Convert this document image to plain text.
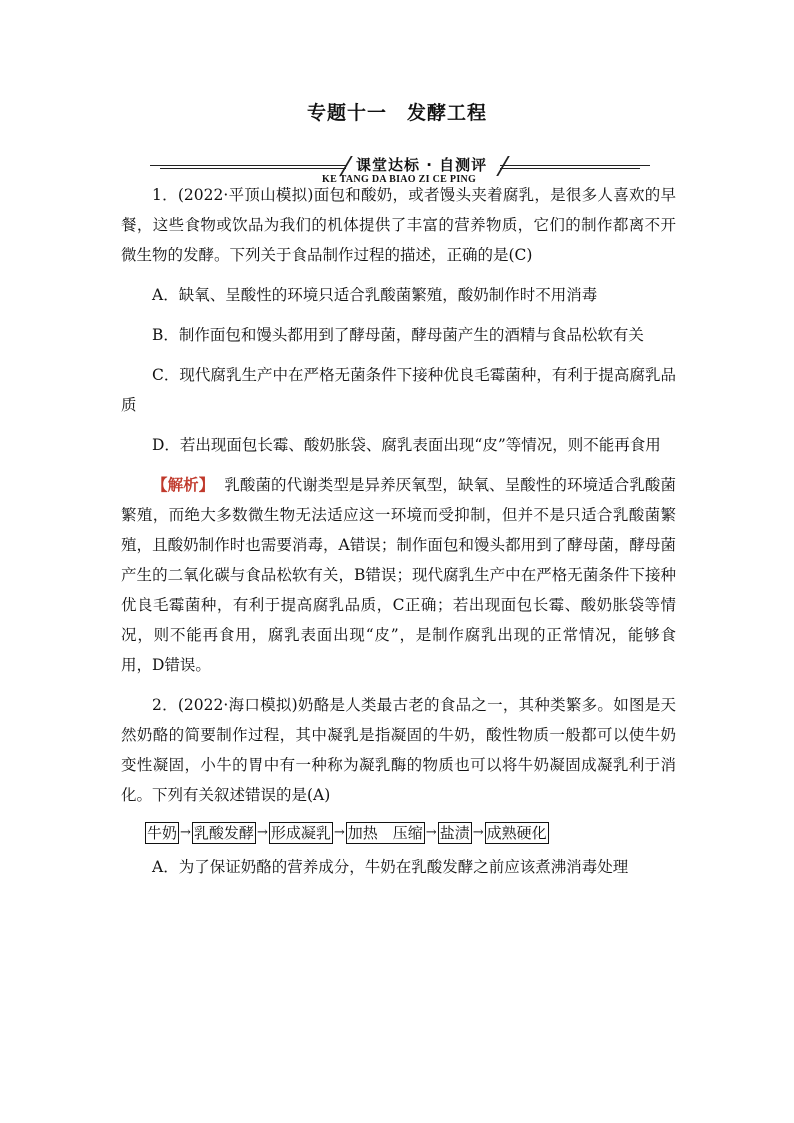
专题十一　发酵工程
课堂达标 · 自测评
KE TANG DA BIAO ZI CE PING

1．(2022·平顶山模拟)面包和酸奶，或者馒头夹着腐乳，是很多人喜欢的早餐，这些食物或饮品为我们的机体提供了丰富的营养物质，它们的制作都离不开微生物的发酵。下列关于食品制作过程的描述，正确的是(C)

A．缺氧、呈酸性的环境只适合乳酸菌繁殖，酸奶制作时不用消毒

B．制作面包和馒头都用到了酵母菌，酵母菌产生的酒精与食品松软有关

C．现代腐乳生产中在严格无菌条件下接种优良毛霉菌种，有利于提高腐乳品质

D．若出现面包长霉、酸奶胀袋、腐乳表面出现“皮”等情况，则不能再食用

【解析】 乳酸菌的代谢类型是异养厌氧型，缺氧、呈酸性的环境适合乳酸菌繁殖，而绝大多数微生物无法适应这一环境而受抑制，但并不是只适合乳酸菌繁殖，且酸奶制作时也需要消毒，A错误；制作面包和馒头都用到了酵母菌，酵母菌产生的二氧化碳与食品松软有关，B错误；现代腐乳生产中在严格无菌条件下接种优良毛霉菌种，有利于提高腐乳品质，C正确；若出现面包长霉、酸奶胀袋等情况，则不能再食用，腐乳表面出现“皮”，是制作腐乳出现的正常情况，能够食用，D错误。

2．(2022·海口模拟)奶酪是人类最古老的食品之一，其种类繁多。如图是天然奶酪的简要制作过程，其中凝乳是指凝固的牛奶，酸性物质一般都可以使牛奶变性凝固，小牛的胃中有一种称为凝乳酶的物质也可以将牛奶凝固成凝乳利于消化。下列有关叙述错误的是(A)

牛奶 → 乳酸发酵 → 形成凝乳 → 加热　压缩 → 盐渍 → 成熟硬化

A．为了保证奶酪的营养成分，牛奶在乳酸发酵之前应该煮沸消毒处理
